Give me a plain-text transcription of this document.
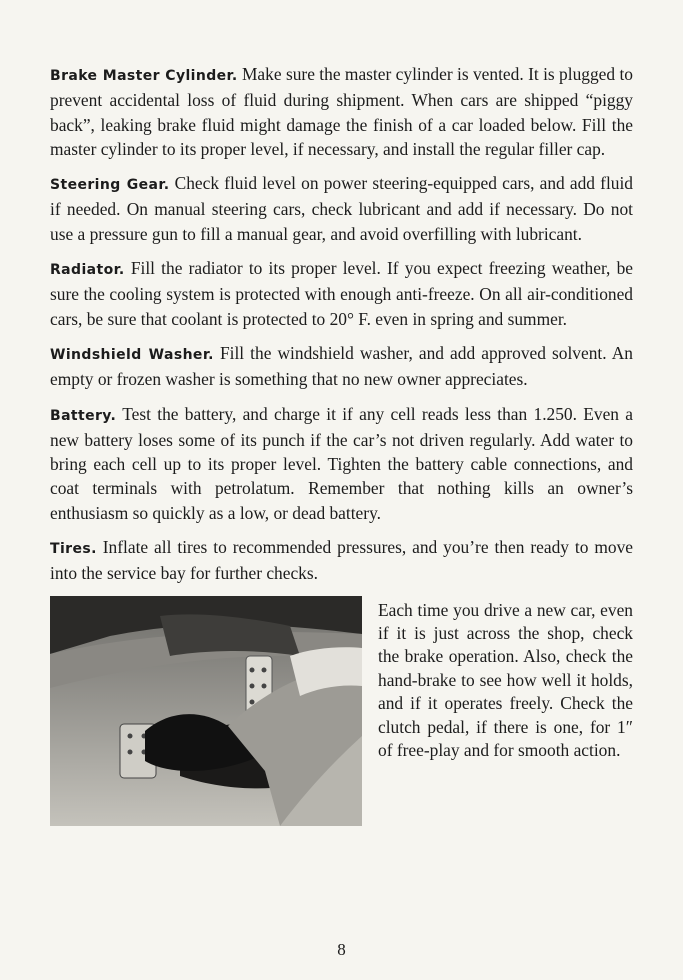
Brake Master Cylinder. Make sure the master cylinder is vented. It is plugged to prevent accidental loss of fluid during shipment. When cars are shipped “piggy back”, leaking brake fluid might damage the finish of a car loaded below. Fill the master cylinder to its proper level, if necessary, and install the regular filler cap.

Steering Gear. Check fluid level on power steering-equipped cars, and add fluid if needed. On manual steering cars, check lubricant and add if necessary. Do not use a pressure gun to fill a manual gear, and avoid overfilling with lubricant.

Radiator. Fill the radiator to its proper level. If you expect freezing weather, be sure the cooling system is protected with enough anti-freeze. On all air-conditioned cars, be sure that coolant is protected to 20° F. even in spring and summer.

Windshield Washer. Fill the windshield washer, and add approved solvent. An empty or frozen washer is something that no new owner appreciates.

Battery. Test the battery, and charge it if any cell reads less than 1.250. Even a new battery loses some of its punch if the car’s not driven regularly. Add water to bring each cell up to its proper level. Tighten the battery cable connections, and coat terminals with petrolatum. Remember that nothing kills an owner’s enthusiasm so quickly as a low, or dead battery.

Tires. Inflate all tires to recommended pressures, and you’re then ready to move into the service bay for further checks.

Each time you drive a new car, even if it is just across the shop, check the brake operation. Also, check the hand-brake to see how well it holds, and if it operates freely. Check the clutch pedal, if there is one, for 1″ of free-play and for smooth action.

8
